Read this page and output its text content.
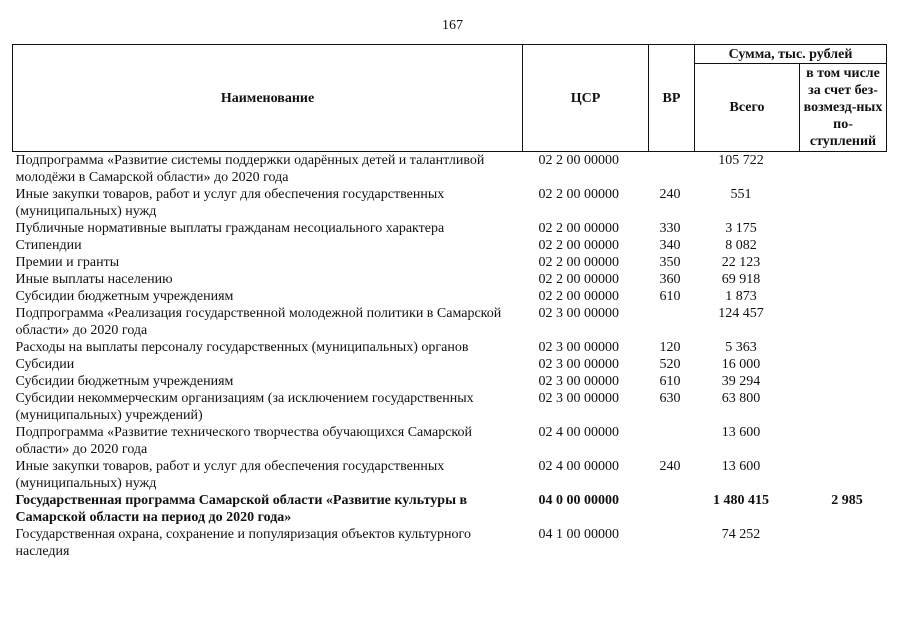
167
Наименование	ЦСР	ВР	Сумма, тыс. рублей	
			Всего	в том числе за счет без-возмезд-ных по-ступлений
Подпрограмма «Развитие системы поддержки одарённых детей и талантливой молодёжи в Самарской области» до 2020 года	02 2 00 00000		105 722	
Иные закупки товаров, работ и услуг для обеспечения государственных (муниципальных) нужд	02 2 00 00000	240	551	
Публичные нормативные выплаты гражданам несоциального характера	02 2 00 00000	330	3 175	
Стипендии	02 2 00 00000	340	8 082	
Премии и гранты	02 2 00 00000	350	22 123	
Иные выплаты населению	02 2 00 00000	360	69 918	
Субсидии бюджетным учреждениям	02 2 00 00000	610	1 873	
Подпрограмма «Реализация государственной молодежной политики в Самарской области» до 2020 года	02 3 00 00000		124 457	
Расходы на выплаты персоналу государственных (муниципальных) органов	02 3 00 00000	120	5 363	
Субсидии	02 3 00 00000	520	16 000	
Субсидии бюджетным учреждениям	02 3 00 00000	610	39 294	
Субсидии некоммерческим организациям (за исключением государственных (муниципальных) учреждений)	02 3 00 00000	630	63 800	
Подпрограмма «Развитие технического творчества обучающихся Самарской области» до 2020 года	02 4 00 00000		13 600	
Иные закупки товаров, работ и услуг для обеспечения государственных (муниципальных) нужд	02 4 00 00000	240	13 600	
Государственная программа Самарской области «Развитие культуры в Самарской области на период до 2020 года»	04 0 00 00000		1 480 415	2 985
Государственная охрана, сохранение и популяризация объектов культурного наследия	04 1 00 00000		74 252	
